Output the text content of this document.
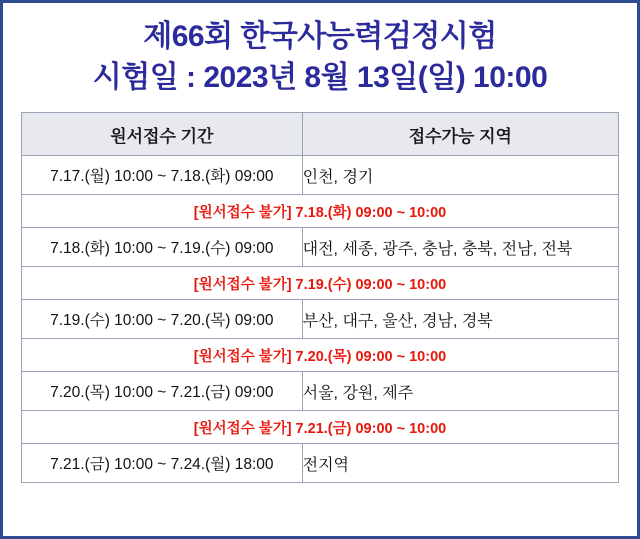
제66회 한국사능력검정시험
시험일 : 2023년 8월 13일(일) 10:00
원서접수 기간	접수가능 지역
7.17.(월) 10:00 ~ 7.18.(화) 09:00	인천, 경기
[원서접수 불가] 7.18.(화) 09:00 ~ 10:00	
7.18.(화) 10:00 ~ 7.19.(수) 09:00	대전, 세종, 광주, 충남, 충북, 전남, 전북
[원서접수 불가] 7.19.(수) 09:00 ~ 10:00	
7.19.(수) 10:00 ~ 7.20.(목) 09:00	부산, 대구, 울산, 경남, 경북
[원서접수 불가] 7.20.(목) 09:00 ~ 10:00	
7.20.(목) 10:00 ~ 7.21.(금) 09:00	서울, 강원, 제주
[원서접수 불가] 7.21.(금) 09:00 ~ 10:00	
7.21.(금) 10:00 ~ 7.24.(월) 18:00	전지역
